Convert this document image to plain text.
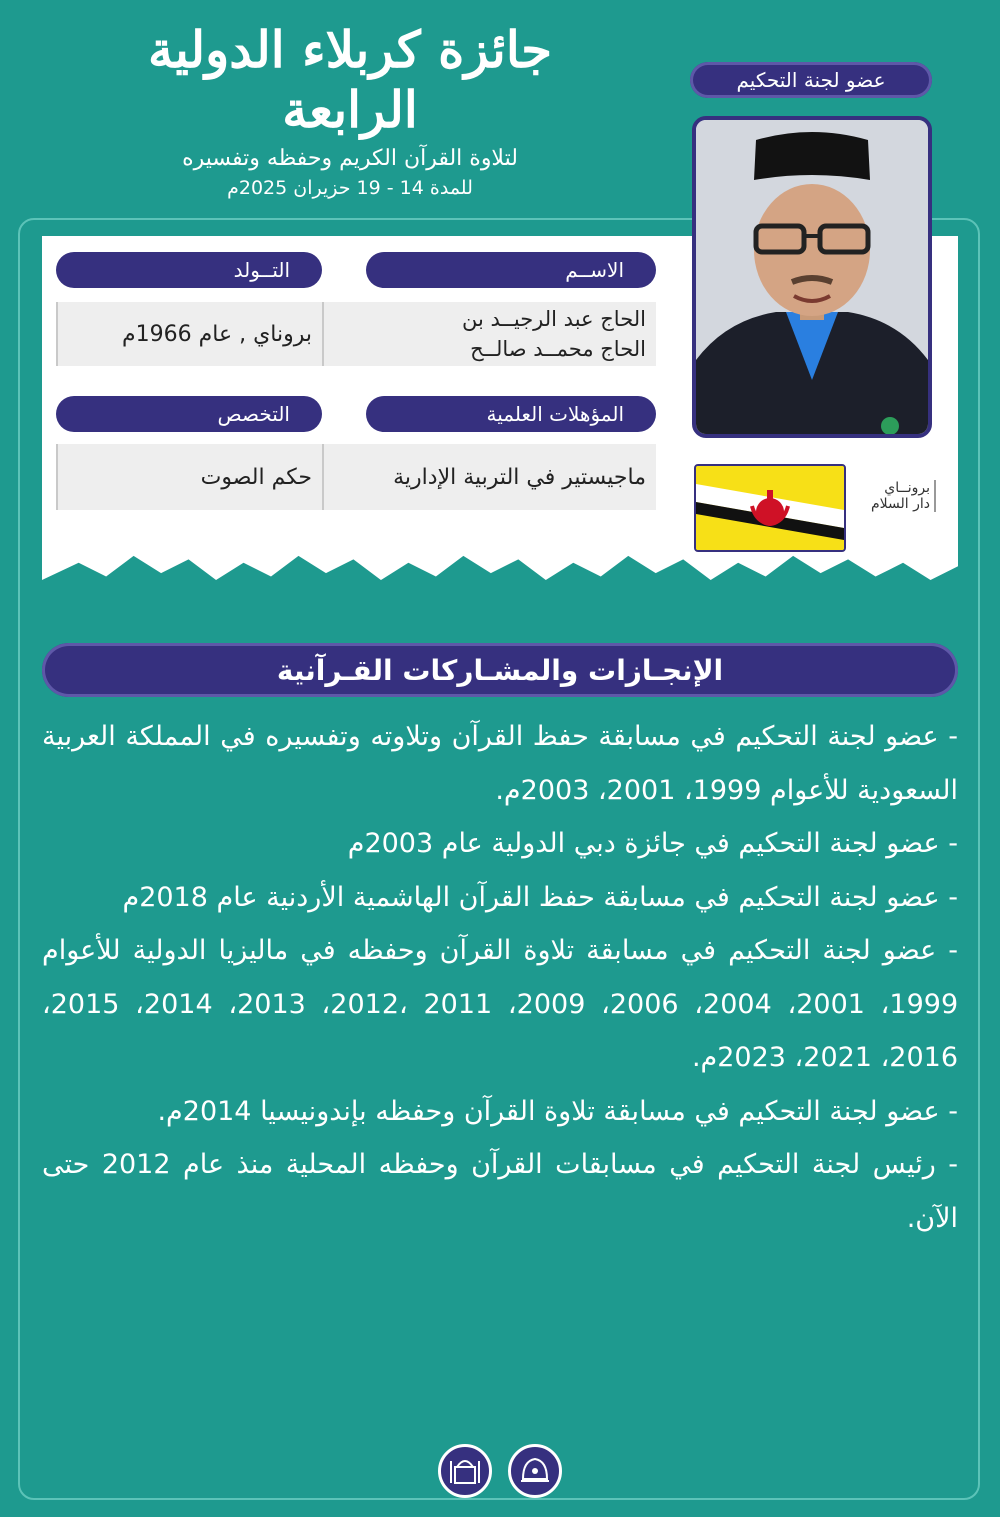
جائزة كربلاء الدولية الرابعة
لتلاوة القرآن الكريم وحفظه وتفسيره
للمدة 14 - 19 حزيران 2025م
عضو لجنة التحكيم
الاســم
الحاج عبد الرجيــد بن
الحاج محمــد صالــح
التــولد
بروناي , عام 1966م
المؤهلات العلمية
ماجيستير في التربية الإدارية
التخصص
حكم الصوت	برونــاي
دار السلام
الإنجـازات والمشـاركات القـرآنية

- عضو لجنة التحكيم في مسابقة حفظ القرآن وتلاوته وتفسيره في المملكة العربية السعودية للأعوام 1999، 2001، 2003م.

- عضو لجنة التحكيم في جائزة دبي الدولية عام 2003م

- عضو لجنة التحكيم في مسابقة حفظ القرآن الهاشمية الأردنية عام 2018م

- عضو لجنة التحكيم في مسابقة تلاوة القرآن وحفظه في ماليزيا الدولية للأعوام 1999، 2001، 2004، 2006، 2009، 2011 ،2012، 2013، 2014، 2015، 2016، 2021، 2023م.

- عضو لجنة التحكيم في مسابقة تلاوة القرآن وحفظه بإندونيسيا 2014م.

- رئيس لجنة التحكيم في مسابقات القرآن وحفظه المحلية منذ عام 2012 حتى الآن.
